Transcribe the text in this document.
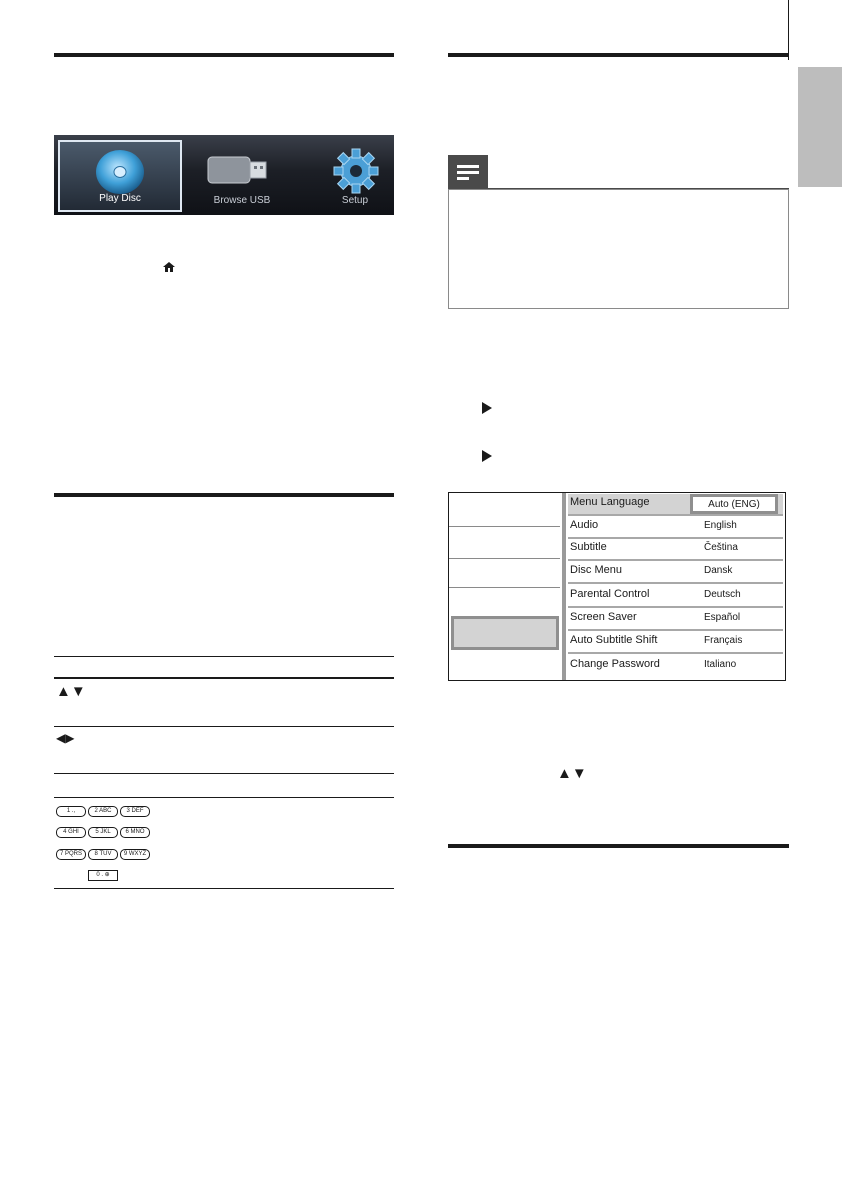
Play Disc	Browse USB	Setup
▲▼
◀▶
1 .,	2 ABC	3 DEF
4 GHI	5 JKL	6 MNO
7 PQRS	8 TUV	9 WXYZ
0 . ⊕
Menu Language	Auto (ENG)
Audio	English
Subtitle	Čeština
Disc Menu	Dansk
Parental Control	Deutsch
Screen Saver	Español
Auto Subtitle Shift	Français
Change Password	Italiano
▲▼
